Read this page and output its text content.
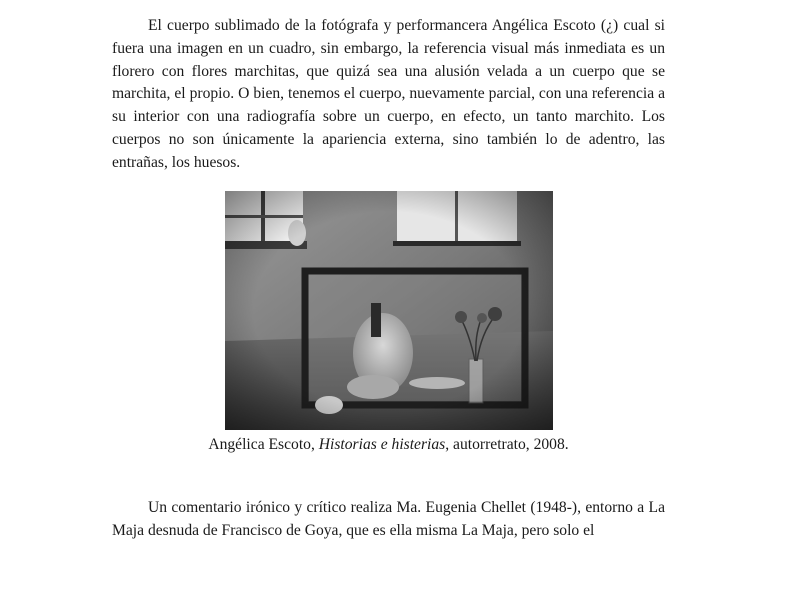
El cuerpo sublimado de la fotógrafa y performancera Angélica Escoto (¿) cual si fuera una imagen en un cuadro, sin embargo, la referencia visual más inmediata es un florero con flores marchitas, que quizá sea una alusión velada a un cuerpo que se marchita, el propio. O bien, tenemos el cuerpo, nuevamente parcial, con una referencia a su interior con una radiografía sobre un cuerpo, en efecto, un tanto marchito. Los cuerpos no son únicamente la apariencia externa, sino también lo de adentro, las entrañas, los huesos.

Angélica Escoto, Historias e histerias, autorretrato, 2008.

Un comentario irónico y crítico realiza Ma. Eugenia Chellet (1948-), entorno a La Maja desnuda de Francisco de Goya, que es ella misma La Maja, pero solo el
